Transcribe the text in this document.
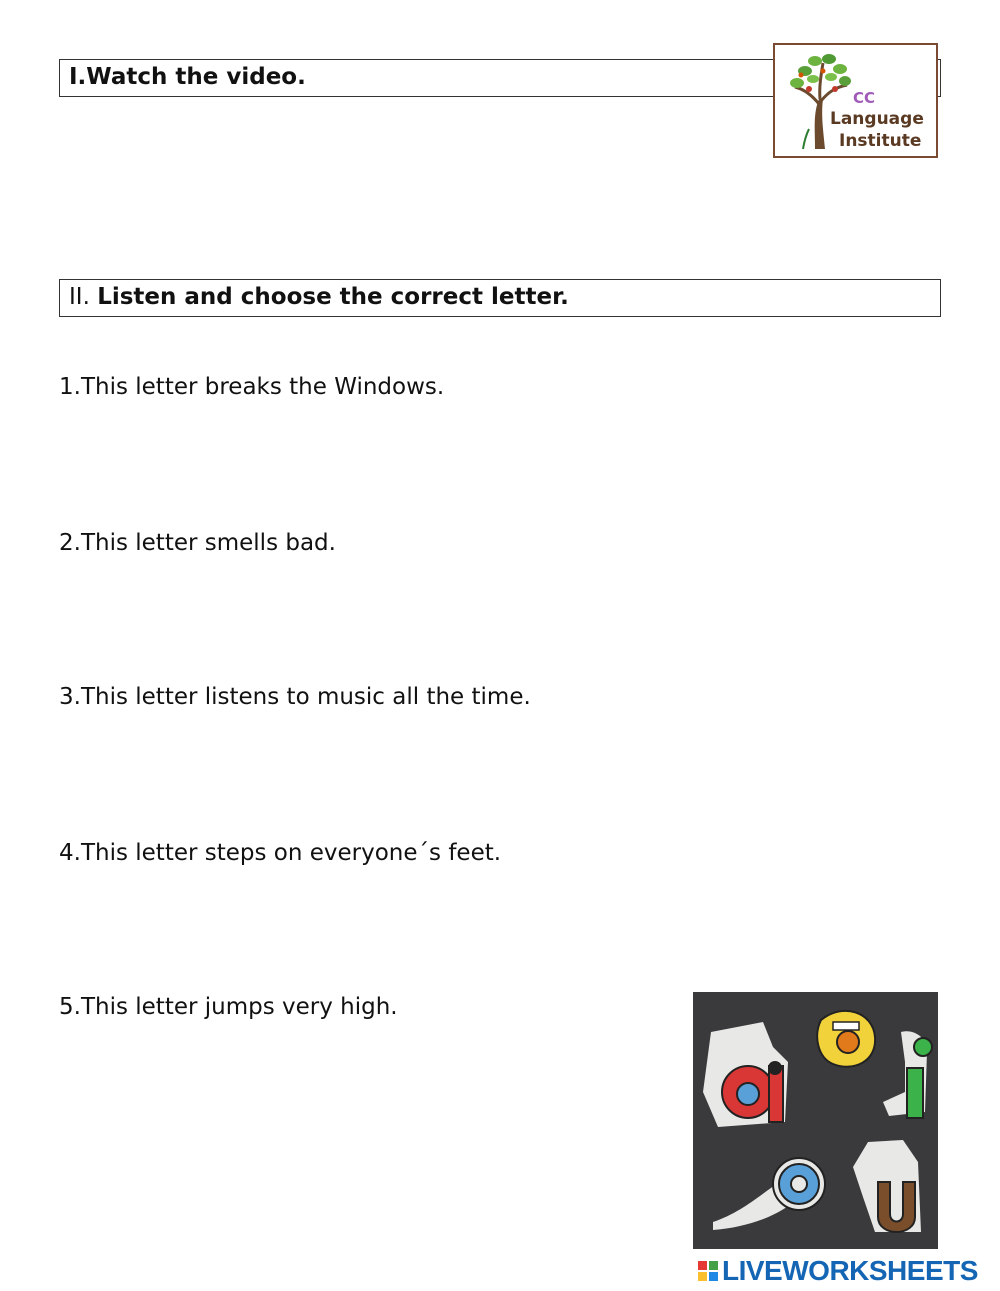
I.Watch the video.
CC
Language
Institute
II. Listen and choose the correct letter.
1.This letter breaks the Windows.
2.This letter smells bad.
3.This letter listens to music all the time.
4.This letter steps on everyone´s feet.
5.This letter jumps very high.
LIVEWORKSHEETS
